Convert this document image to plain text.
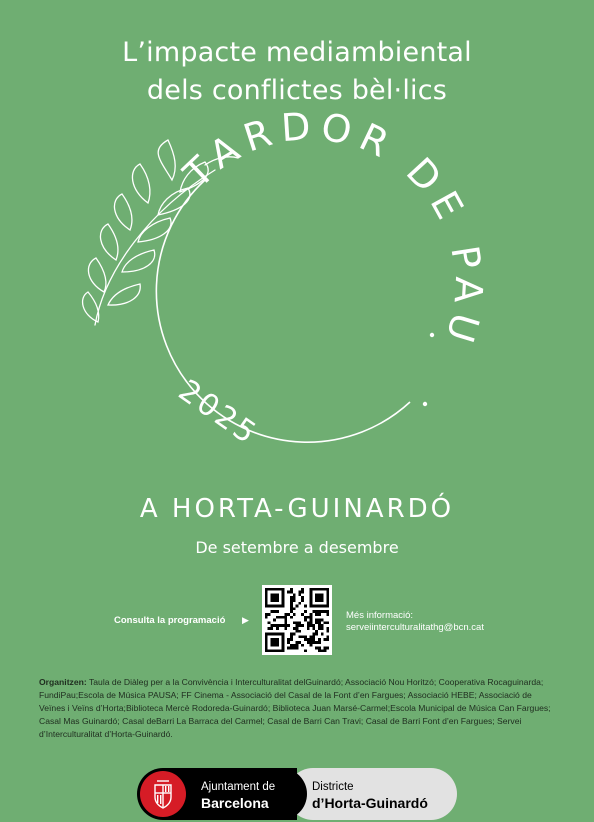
L’impacte mediambiental
dels conflictes bèl·lics
TARDOR DE PAU
2025
A HORTA-GUINARDÓ
De setembre a desembre
Consulta la programació ▶	Més informació:
serveiinterculturalitathg@bcn.cat
Organitzen: Taula de Diàleg per a la Convivència i Interculturalitat delGuinardó; Associació Nou Horitzó; Cooperativa Rocaguinarda; FundiPau;Escola de Música PAUSA; FF Cinema - Associació del Casal de la Font d’en Fargues; Associació HEBE; Associació de Veïnes i Veïns d’Horta;Biblioteca Mercè Rodoreda-Guinardó; Biblioteca Juan Marsé-Carmel;Escola Municipal de Música Can Fargues; Casal Mas Guinardó; Casal deBarri La Barraca del Carmel; Casal de Barri Can Travi; Casal de Barri Font d’en Fargues; Servei d’Interculturalitat d’Horta-Guinardó.
Ajuntament de
Barcelona
Districte
d’Horta-Guinardó
